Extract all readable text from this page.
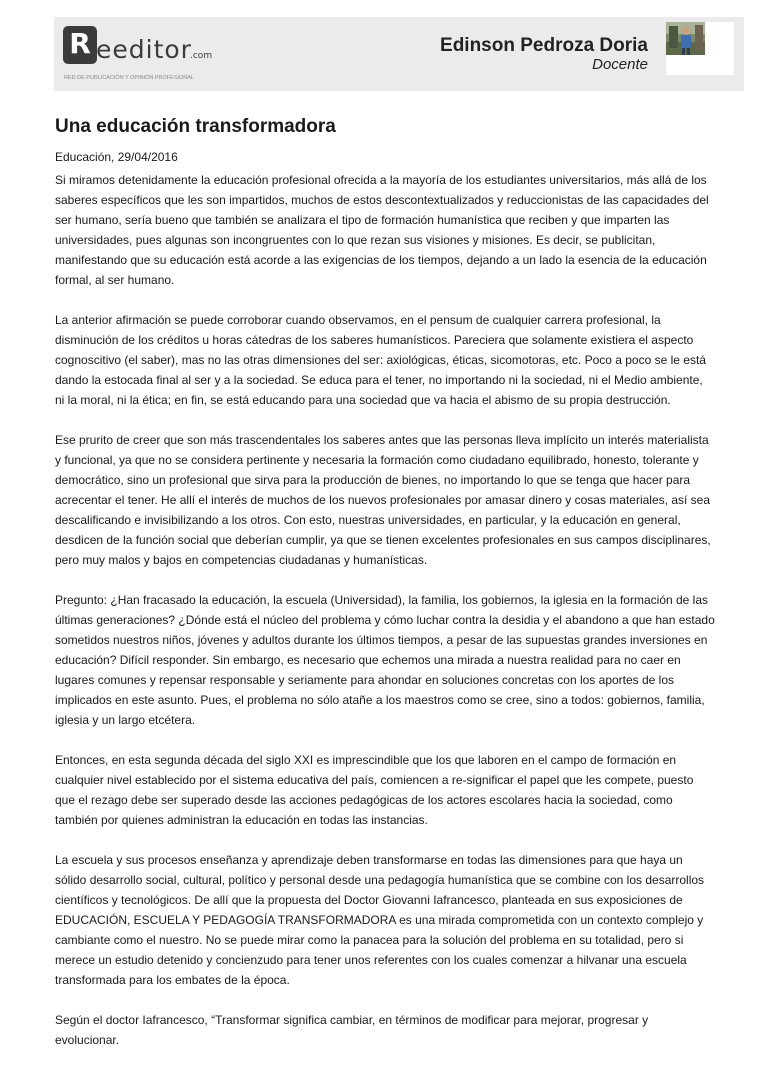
R eeditor
.com
RED DE PUBLICACIÓN Y OPINIÓN PROFESIONAL
Edinson Pedroza Doria
Docente
Una educación transformadora
Educación, 29/04/2016

Si miramos detenidamente la educación profesional ofrecida a la mayoría de los estudiantes universitarios, más allá de los saberes específicos que les son impartidos, muchos de estos descontextualizados y reduccionistas de las capacidades del ser humano, sería bueno que también se analizara el tipo de formación humanística que reciben y que imparten las universidades, pues algunas son incongruentes con lo que rezan sus visiones y misiones. Es decir, se publicitan, manifestando que su educación está acorde a las exigencias de los tiempos, dejando a un lado la esencia de la educación formal, al ser humano.

La anterior afirmación se puede corroborar cuando observamos, en el pensum de cualquier carrera profesional, la disminución de los créditos u horas cátedras de los saberes humanísticos. Pareciera que solamente existiera el aspecto cognoscitivo (el saber), mas no las otras dimensiones del ser: axiológicas, éticas, sicomotoras, etc. Poco a poco se le está dando la estocada final al ser y a la sociedad. Se educa para el tener, no importando ni la sociedad, ni el Medio ambiente, ni la moral, ni la ética; en fin, se está educando para una sociedad que va hacia el abismo de su propia destrucción.

Ese prurito de creer que son más trascendentales los saberes antes que las personas lleva implícito un interés materialista y funcional, ya que no se considera pertinente y necesaria la formación como ciudadano equilibrado, honesto, tolerante y democrático, sino un profesional que sirva para la producción de bienes, no importando lo que se tenga que hacer para acrecentar el tener. He allí el interés de muchos de los nuevos profesionales por amasar dinero y cosas materiales, así sea descalificando e invisibilizando a los otros. Con esto, nuestras universidades, en particular, y la educación en general, desdicen de la función social que deberían cumplir, ya que se tienen excelentes profesionales en sus campos disciplinares, pero muy malos y bajos en competencias ciudadanas y humanísticas.

Pregunto: ¿Han fracasado la educación, la escuela (Universidad), la familia, los gobiernos, la iglesia en la formación de las últimas generaciones? ¿Dónde está el núcleo del problema y cómo luchar contra la desidia y el abandono a que han estado sometidos nuestros niños, jóvenes y adultos durante los últimos tiempos, a pesar de las supuestas grandes inversiones en educación? Difícil responder. Sin embargo, es necesario que echemos una mirada a nuestra realidad para no caer en lugares comunes y repensar responsable y seriamente para ahondar en soluciones concretas con los aportes de los implicados en este asunto. Pues, el problema no sólo atañe a los maestros como se cree, sino a todos: gobiernos, familia, iglesia y un largo etcétera.

Entonces, en esta segunda década del siglo XXI es imprescindible que los que laboren en el campo de formación en cualquier nivel establecido por el sistema educativa del país, comiencen a re-significar el papel que les compete, puesto que el rezago debe ser superado desde las acciones pedagógicas de los actores escolares hacia la sociedad, como también por quienes administran la educación en todas las instancias.

La escuela y sus procesos enseñanza y aprendizaje deben transformarse en todas las dimensiones para que haya un sólido desarrollo social, cultural, político y personal desde una pedagogía humanística que se combine con los desarrollos científicos y tecnológicos. De allí que la propuesta del Doctor Giovanni Iafrancesco, planteada en sus exposiciones de EDUCACIÓN, ESCUELA Y PEDAGOGÍA TRANSFORMADORA es una mirada comprometida con un contexto complejo y cambiante como el nuestro. No se puede mirar como la panacea para la solución del problema en su totalidad, pero si merece un estudio detenido y concienzudo para tener unos referentes con los cuales comenzar a hilvanar una escuela transformada para los embates de la época.

Según el doctor Iafrancesco, “Transformar significa cambiar, en términos de modificar para mejorar, progresar y evolucionar.
